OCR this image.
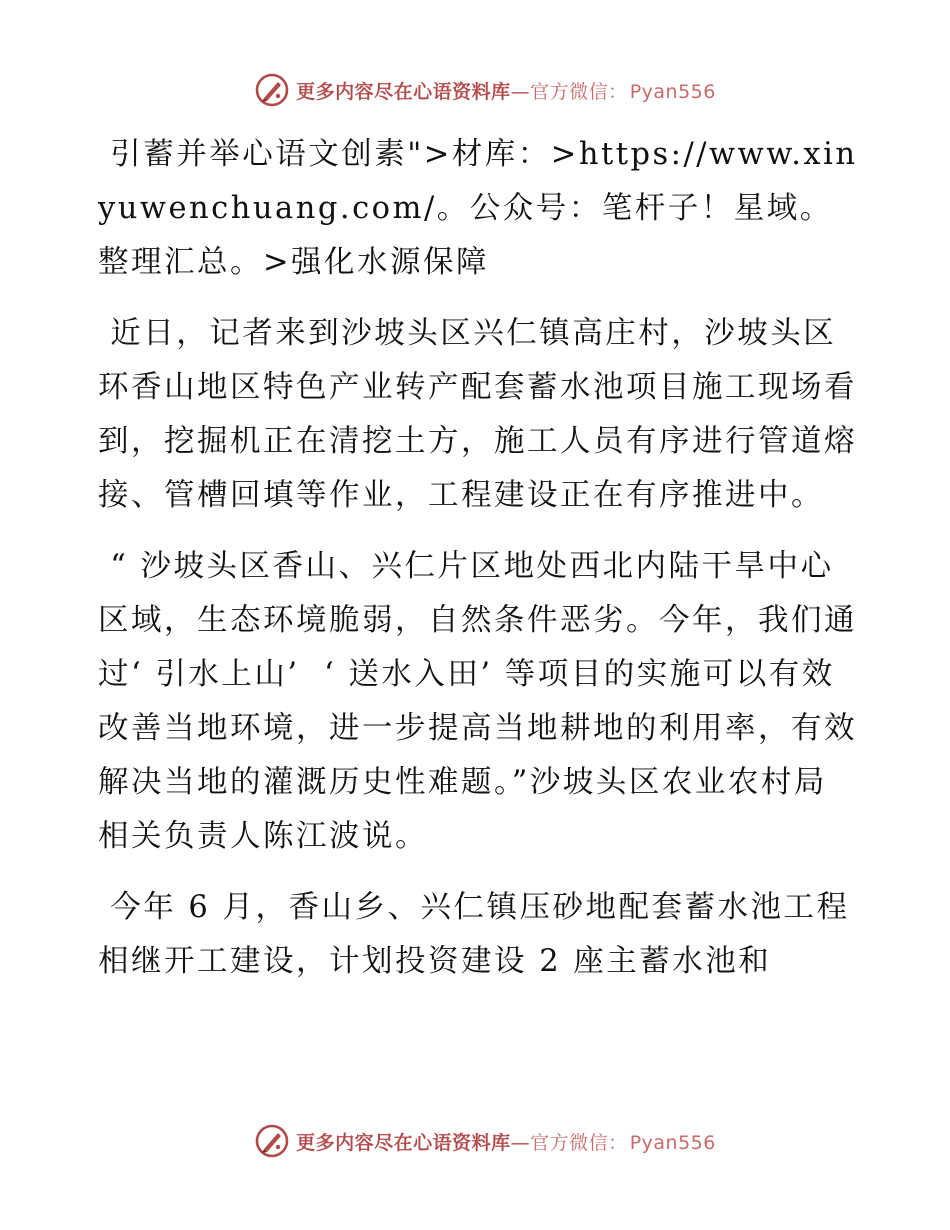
更多内容尽在心语资料库—官方微信： Pyan556

引蓄并举心语文创素">材库：>https://www.xinyuwenchuang.com/。公众号：笔杆子！星域。整理汇总。>强化水源保障

近日，记者来到沙坡头区兴仁镇高庄村，沙坡头区环香山地区特色产业转产配套蓄水池项目施工现场看到，挖掘机正在清挖土方，施工人员有序进行管道熔接、管槽回填等作业，工程建设正在有序推进中。

“ 沙坡头区香山、兴仁片区地处西北内陆干旱中心区域，生态环境脆弱，自然条件恶劣。今年，我们通过‘ 引水上山’  ‘ 送水入田’ 等项目的实施可以有效改善当地环境，进一步提高当地耕地的利用率，有效解决当地的灌溉历史性难题。”沙坡头区农业农村局相关负责人陈江波说。

今年 6 月，香山乡、兴仁镇压砂地配套蓄水池工程相继开工建设，计划投资建设 2 座主蓄水池和

更多内容尽在心语资料库—官方微信： Pyan556
